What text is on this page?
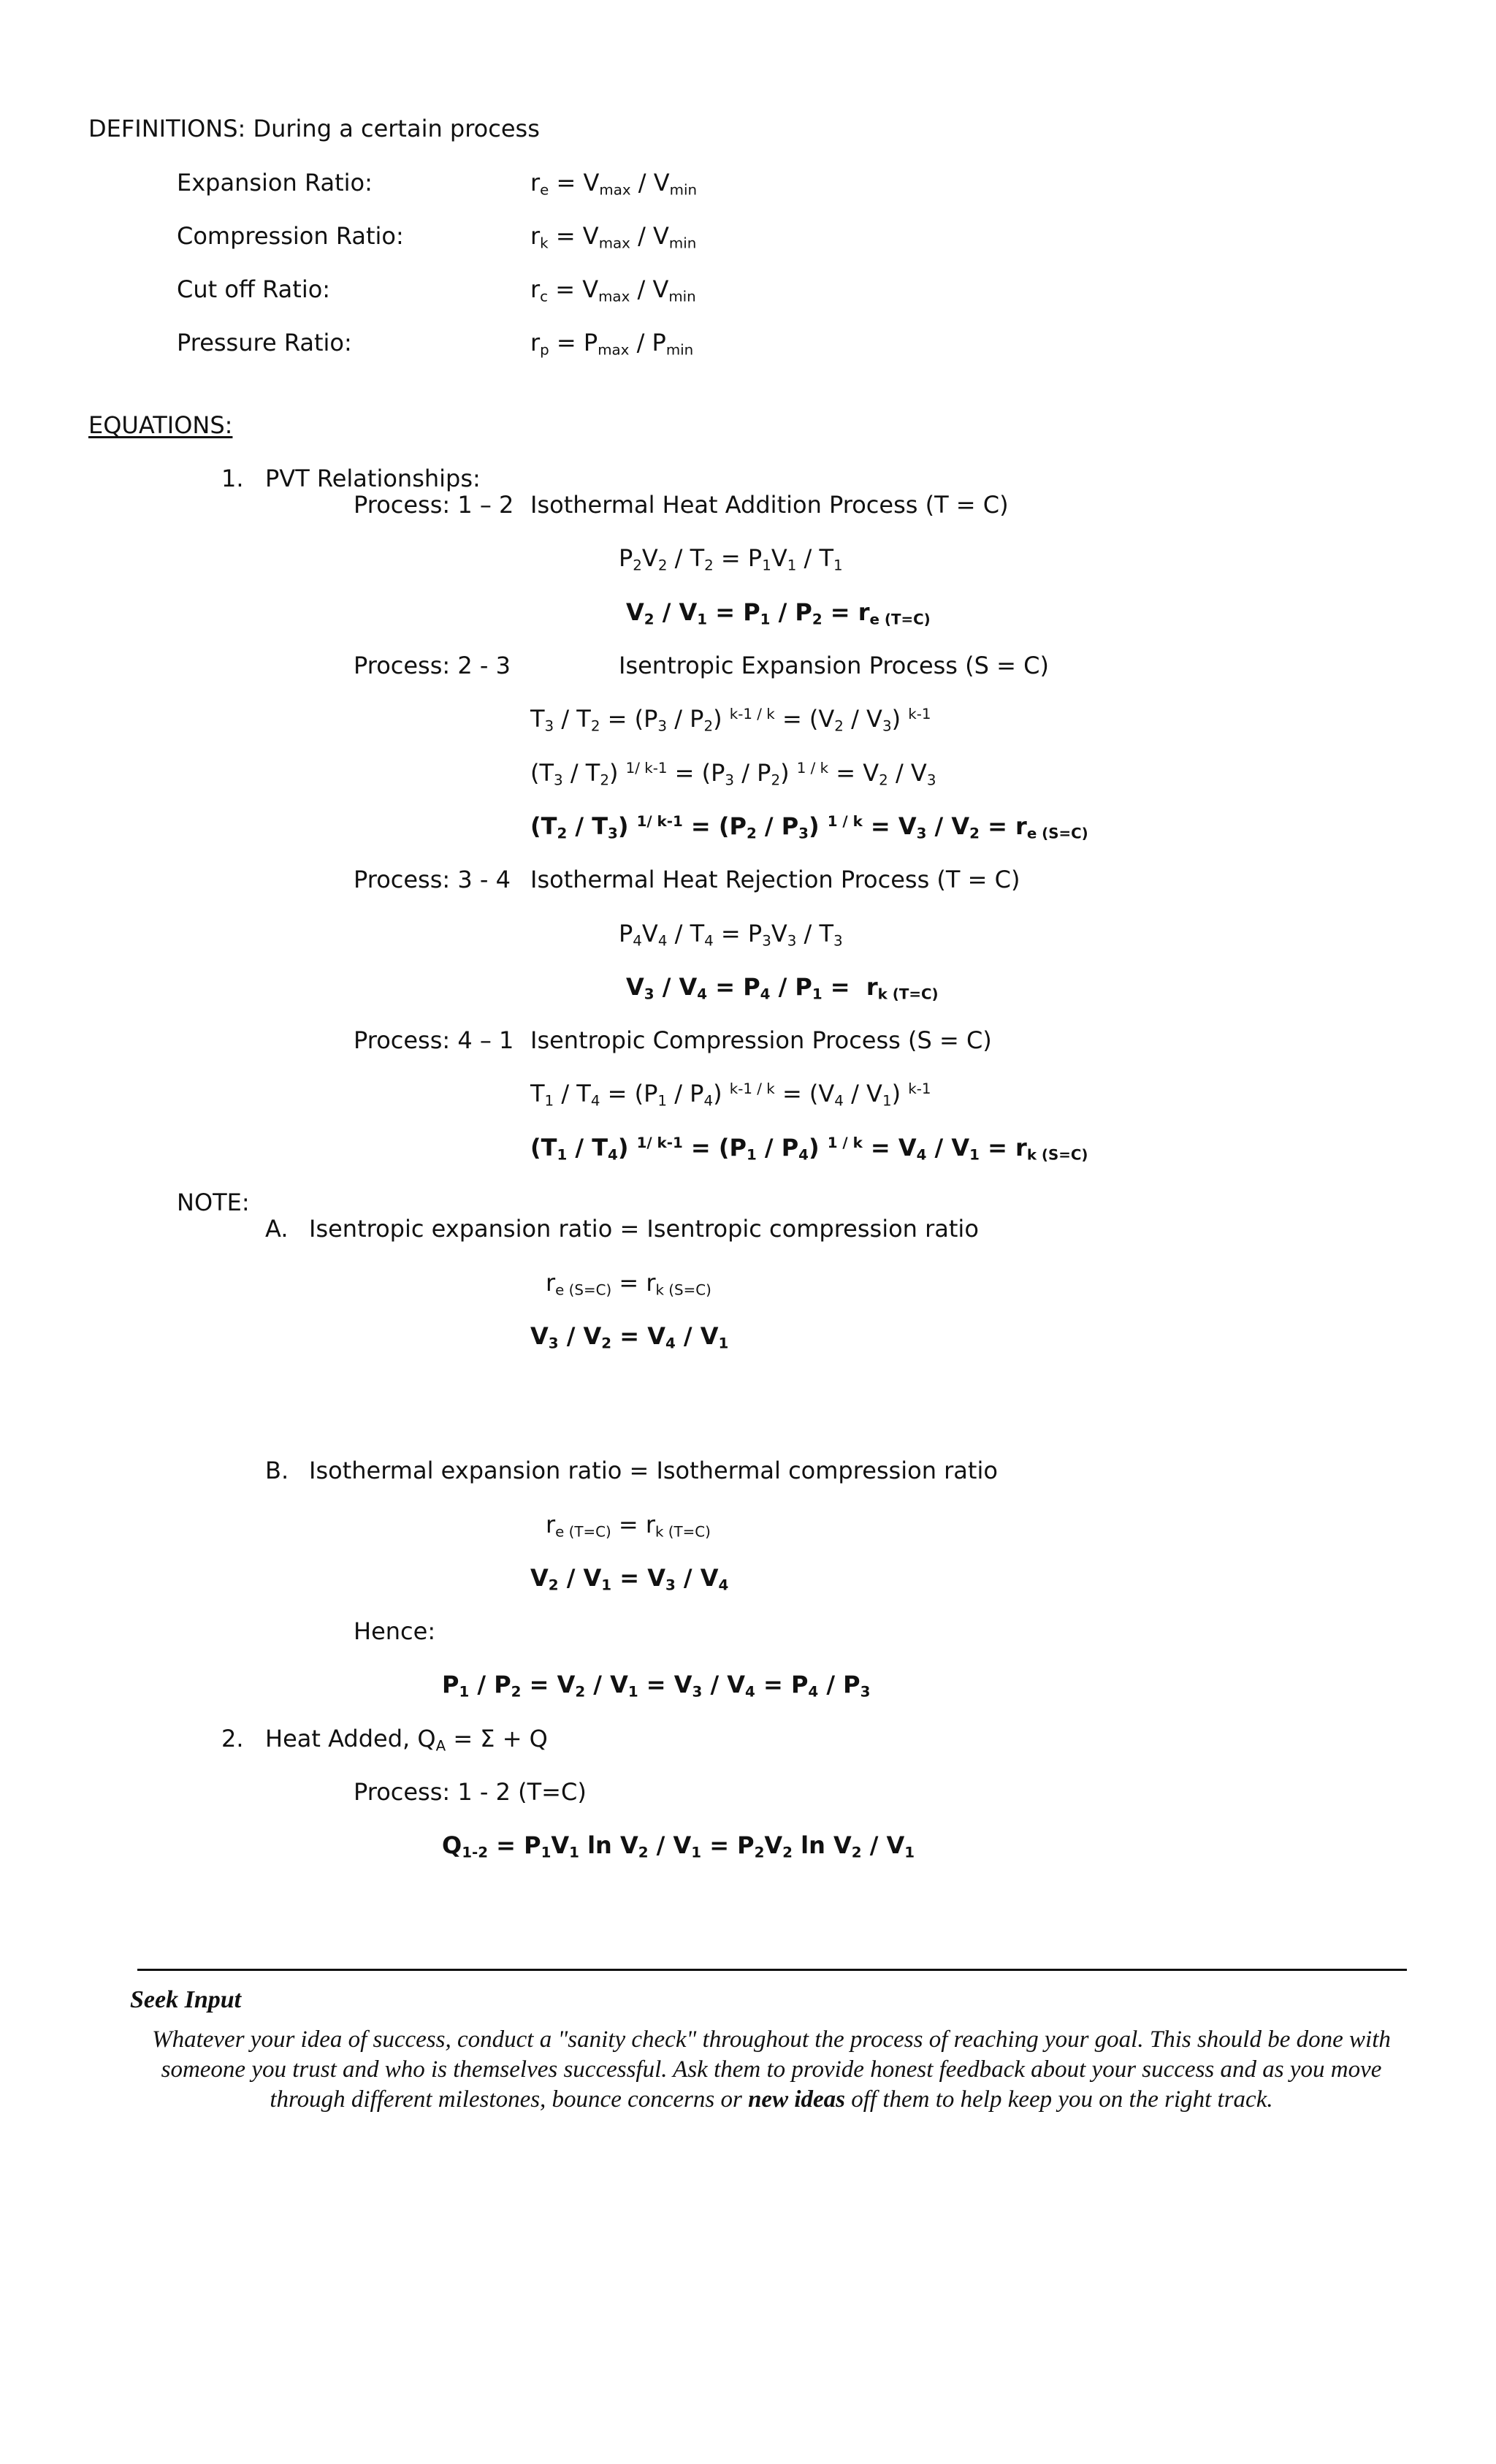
DEFINITIONS: During a certain process
Expansion Ratio:	$r_e = V_{max} / V_{min}$
Compression Ratio:	$r_k = V_{max} / V_{min}$
Cut off Ratio:	$r_c = V_{max} / V_{min}$
Pressure Ratio:	$r_p = P_{max} / P_{min}$
EQUATIONS:
1. PVT Relationships:
Process: 1 – 2 Isothermal Heat Addition Process (T = C)
$P_2V_2 / T_2 = P_1V_1 / T_1$
$V_2 / V_1 = P_1 / P_2 = r_{e (T=C)}$
Process: 2 - 3	Isentropic Expansion Process (S = C)
$T_3 / T_2 = (P_3 / P_2) ^{k-1 / k} = (V_2 / V_3)$ $^{k-1}$
$(T_3 / T_2) ^{1/ k-1} = (P_3 / P_2) ^{1 / k} = V_2 / V_3$
$(T_2 / T_3) ^{1/ k-1} = (P_2 / P_3) ^{1 / k} = V_3 / V_2 = r_{e (S=C)}$
Process: 3 - 4 Isothermal Heat Rejection Process (T = C)
$P_4V_4 / T_4 = P_3V_3 / T_3$
$V_3 / V_4 = P_4 / P_1 = r_{k (T=C)}$
Process: 4 – 1 Isentropic Compression Process (S = C)
$T_1 / T_4 = (P_1 / P_4) ^{k-1 / k} = (V_4 / V_1)$ $^{k-1}$
$(T_1 / T_4) ^{1/ k-1} = (P_1 / P_4) ^{1 / k} = V_4 / V_1 = r_{k (S=C)}$
NOTE:
A. Isentropic expansion ratio = Isentropic compression ratio
$r_{e (S=C)} = r_{k (S=C)}$
$V_3 / V_2 = V_4 / V_1$
B. Isothermal expansion ratio = Isothermal compression ratio
$r_{e (T=C)} = r_{k (T=C)}$
$V_2 / V_1 = V_3 / V_4$
Hence:
$P_1 / P_2 = V_2 / V_1 = V_3 / V_4 = P_4 / P_3$
2. Heat Added, $Q_A = \Sigma + Q$
Process: 1 - 2 (T=C)
$Q_{1-2} = P_1V_1$ $\ln V_2 / V_1 = P_2V_2$ $\ln V_2 / V_1$
Seek Input
Whatever your idea of success, conduct a "sanity check" throughout the process of reaching your goal. This should be done with someone you trust and who is themselves successful. Ask them to provide honest feedback about your success and as you move through different milestones, bounce concerns or new ideas off them to help keep you on the right track.
